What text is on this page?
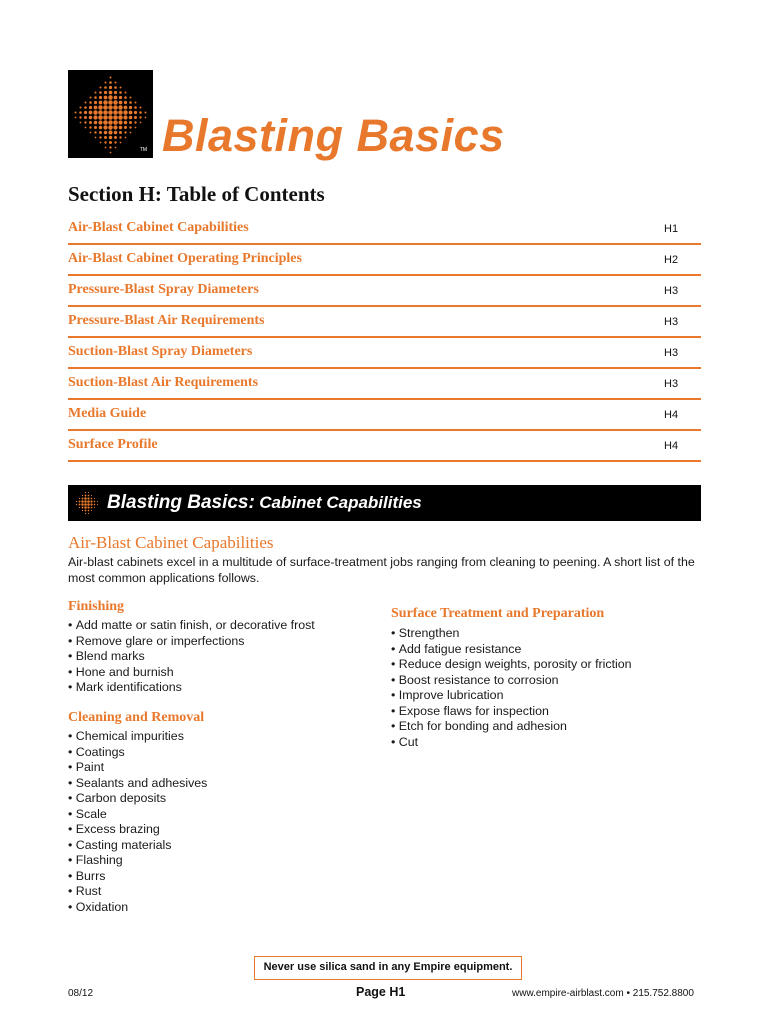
TM Blasting Basics
Section H: Table of Contents
Air-Blast Cabinet Capabilities	H1
Air-Blast Cabinet Operating Principles	H2
Pressure-Blast Spray Diameters	H3
Pressure-Blast Air Requirements	H3
Suction-Blast Spray Diameters	H3
Suction-Blast Air Requirements	H3
Media Guide	H4
Surface Profile	H4
Blasting Basics: Cabinet Capabilities
Air-Blast Cabinet Capabilities
Air-blast cabinets excel in a multitude of surface-treatment jobs ranging from cleaning to peening. A short list of the most common applications follows.
Finishing
• Add matte or satin finish, or decorative frost
• Remove glare or imperfections
• Blend marks
• Hone and burnish
• Mark identifications
Cleaning and Removal
• Chemical impurities
• Coatings
• Paint
• Sealants and adhesives
• Carbon deposits
• Scale
• Excess brazing
• Casting materials
• Flashing
• Burrs
• Rust
• Oxidation
Surface Treatment and Preparation
• Strengthen
• Add fatigue resistance
• Reduce design weights, porosity or friction
• Boost resistance to corrosion
• Improve lubrication
• Expose flaws for inspection
• Etch for bonding and adhesion
• Cut
Never use silica sand in any Empire equipment.
08/12	Page H1	www.empire-airblast.com • 215.752.8800
